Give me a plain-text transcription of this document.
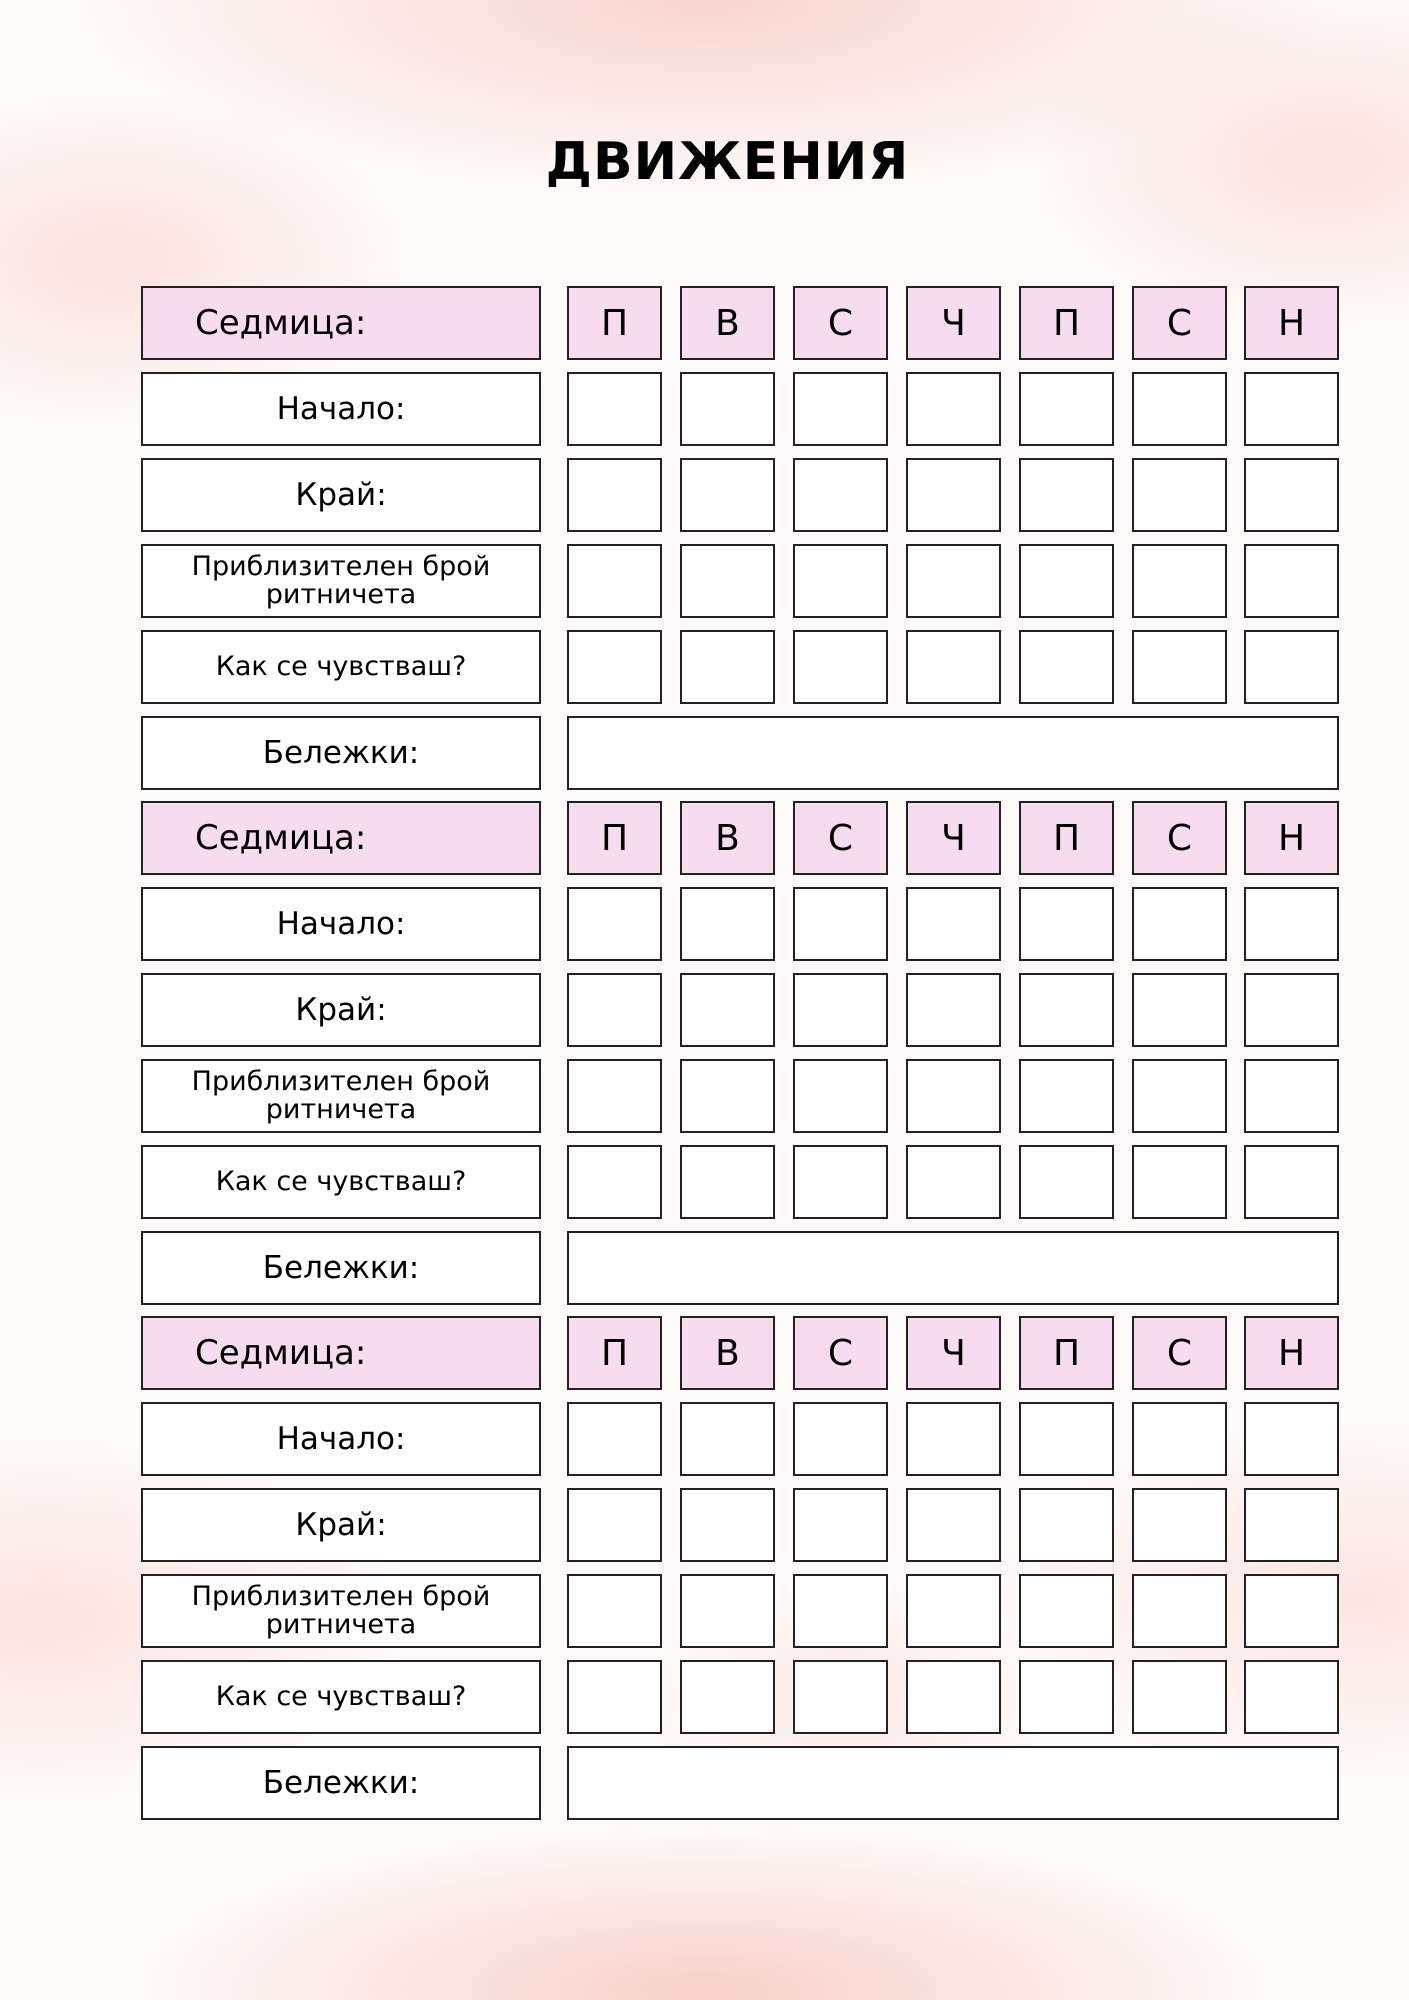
ДВИЖЕНИЯ
Седмица:	П	В	С	Ч	П	С	Н
Начало:
Край:
Приблизителен брой ритничета
Как се чувстваш?
Бележки:
Седмица:	П	В	С	Ч	П	С	Н
Начало:
Край:
Приблизителен брой ритничета
Как се чувстваш?
Бележки:
Седмица:	П	В	С	Ч	П	С	Н
Начало:
Край:
Приблизителен брой ритничета
Как се чувстваш?
Бележки:
